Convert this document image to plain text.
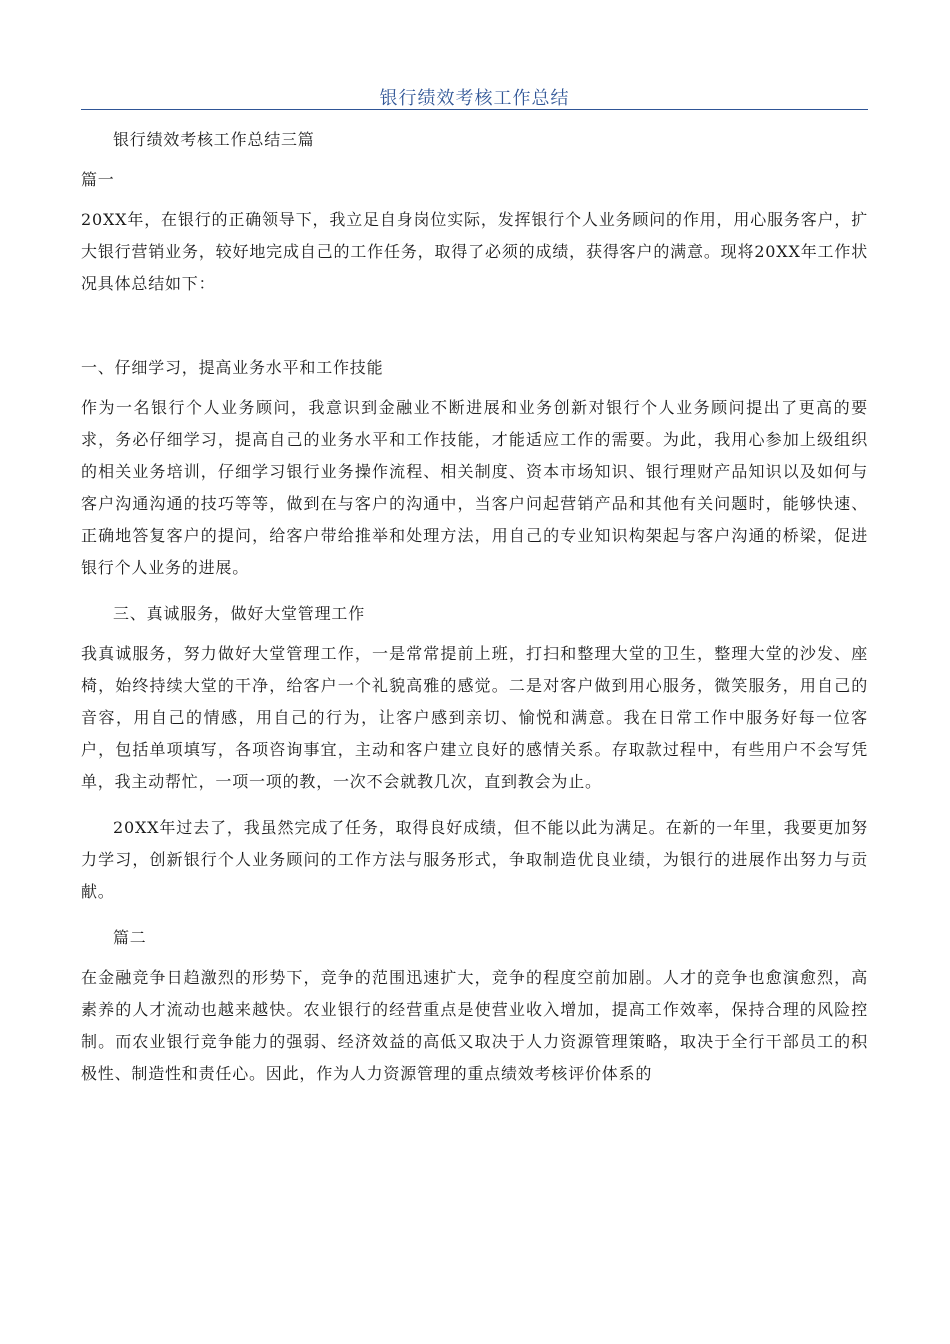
银行绩效考核工作总结

银行绩效考核工作总结三篇

篇一

20XX年，在银行的正确领导下，我立足自身岗位实际，发挥银行个人业务顾问的作用，用心服务客户，扩大银行营销业务，较好地完成自己的工作任务，取得了必须的成绩，获得客户的满意。现将20XX年工作状况具体总结如下：

一、仔细学习，提高业务水平和工作技能

作为一名银行个人业务顾问，我意识到金融业不断进展和业务创新对银行个人业务顾问提出了更高的要求，务必仔细学习，提高自己的业务水平和工作技能，才能适应工作的需要。为此，我用心参加上级组织的相关业务培训，仔细学习银行业务操作流程、相关制度、资本市场知识、银行理财产品知识以及如何与客户沟通沟通的技巧等等，做到在与客户的沟通中，当客户问起营销产品和其他有关问题时，能够快速、正确地答复客户的提问，给客户带给推举和处理方法，用自己的专业知识构架起与客户沟通的桥梁，促进银行个人业务的进展。

三、真诚服务，做好大堂管理工作

我真诚服务，努力做好大堂管理工作，一是常常提前上班，打扫和整理大堂的卫生，整理大堂的沙发、座椅，始终持续大堂的干净，给客户一个礼貌高雅的感觉。二是对客户做到用心服务，微笑服务，用自己的音容，用自己的情感，用自己的行为，让客户感到亲切、愉悦和满意。我在日常工作中服务好每一位客户，包括单项填写，各项咨询事宜，主动和客户建立良好的感情关系。存取款过程中，有些用户不会写凭单，我主动帮忙，一项一项的教，一次不会就教几次，直到教会为止。

20XX年过去了，我虽然完成了任务，取得良好成绩，但不能以此为满足。在新的一年里，我要更加努力学习，创新银行个人业务顾问的工作方法与服务形式，争取制造优良业绩，为银行的进展作出努力与贡献。

篇二

在金融竞争日趋激烈的形势下，竞争的范围迅速扩大，竞争的程度空前加剧。人才的竞争也愈演愈烈，高素养的人才流动也越来越快。农业银行的经营重点是使营业收入增加，提高工作效率，保持合理的风险控制。而农业银行竞争能力的强弱、经济效益的高低又取决于人力资源管理策略，取决于全行干部员工的积极性、制造性和责任心。因此，作为人力资源管理的重点绩效考核评价体系的
